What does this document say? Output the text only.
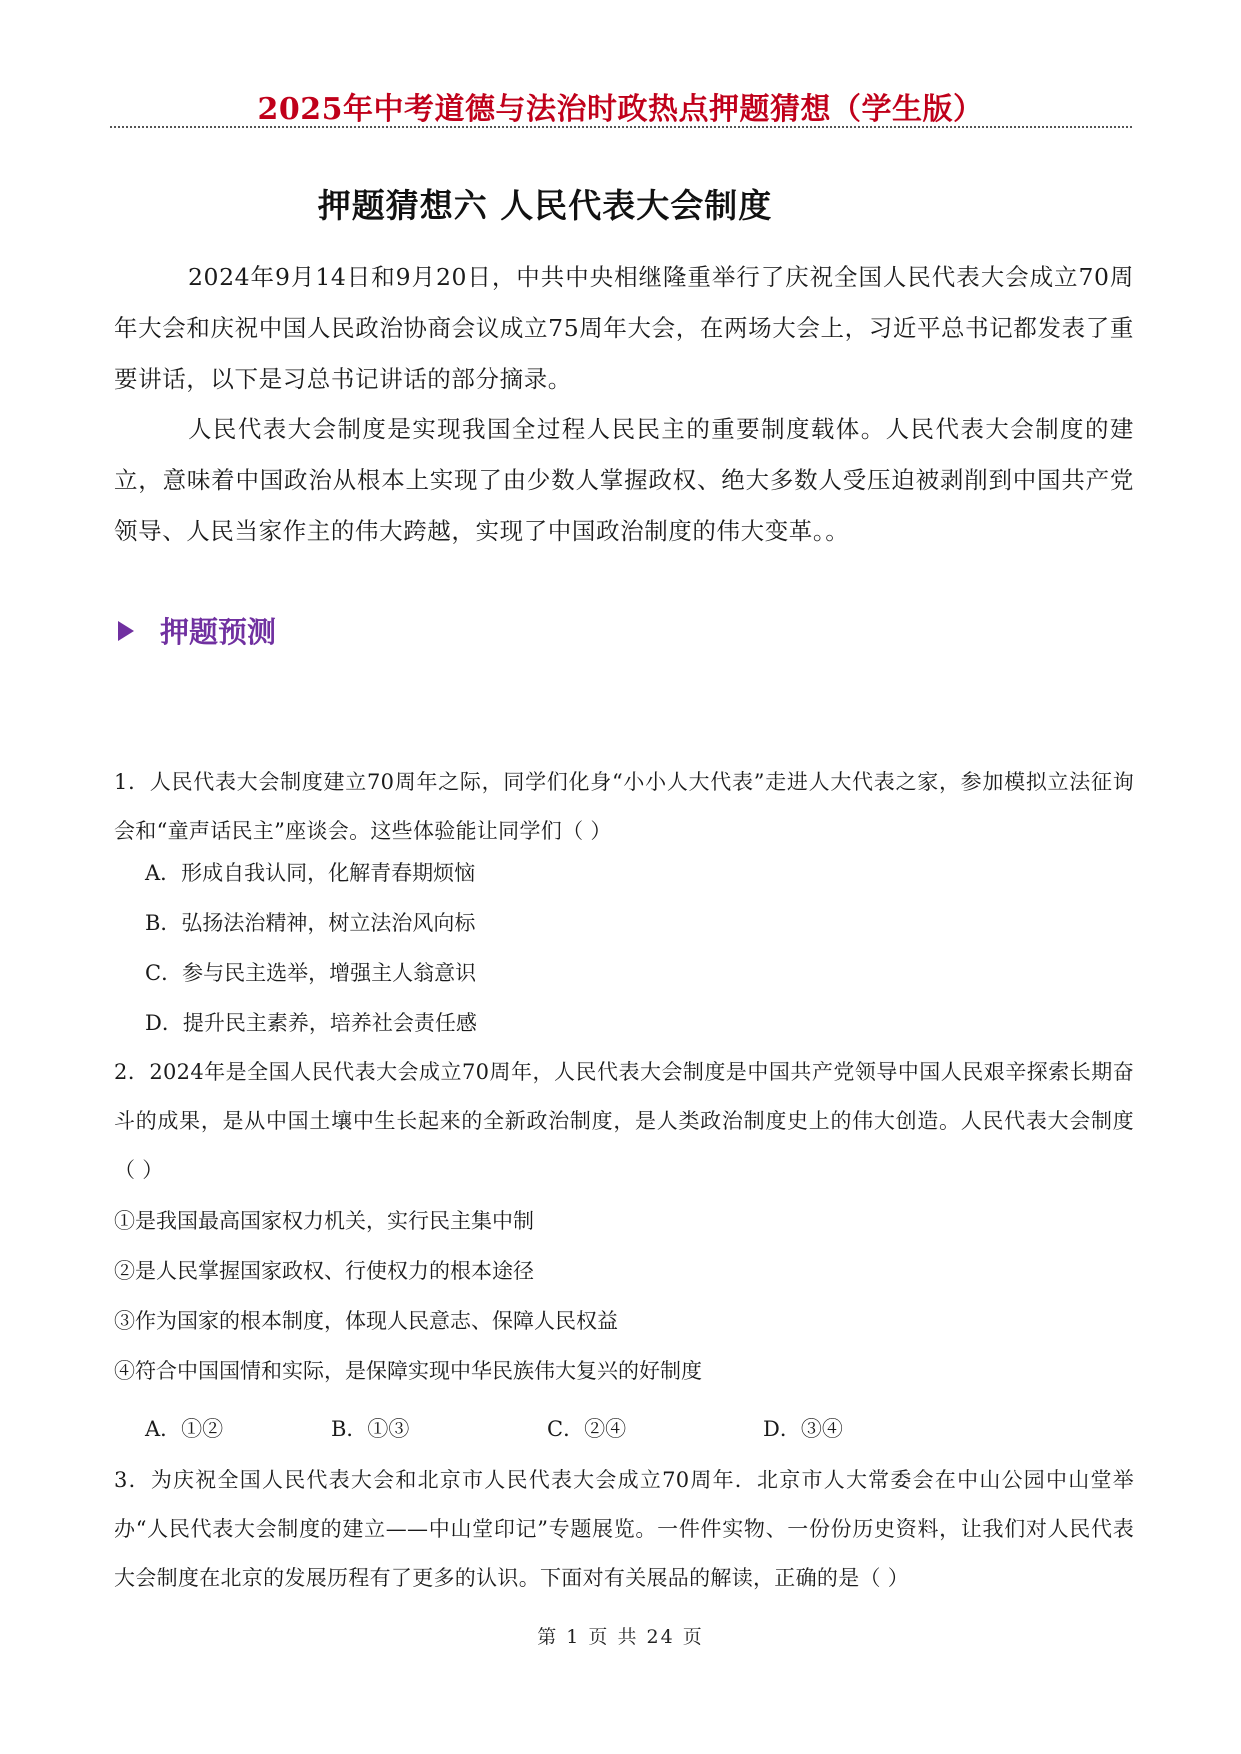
2025年中考道德与法治时政热点押题猜想（学生版）
押题猜想六 人民代表大会制度

2024年9月14日和9月20日，中共中央相继隆重举行了庆祝全国人民代表大会成立70周年大会和庆祝中国人民政治协商会议成立75周年大会，在两场大会上，习近平总书记都发表了重要讲话，以下是习总书记讲话的部分摘录。

人民代表大会制度是实现我国全过程人民民主的重要制度载体。人民代表大会制度的建立，意味着中国政治从根本上实现了由少数人掌握政权、绝大多数人受压迫被剥削到中国共产党领导、人民当家作主的伟大跨越，实现了中国政治制度的伟大变革。。

押题预测

1．人民代表大会制度建立70周年之际，同学们化身“小小人大代表”走进人大代表之家，参加模拟立法征询会和“童声话民主”座谈会。这些体验能让同学们（ ）

A．形成自我认同，化解青春期烦恼

B．弘扬法治精神，树立法治风向标

C．参与民主选举，增强主人翁意识

D．提升民主素养，培养社会责任感

2．2024年是全国人民代表大会成立70周年，人民代表大会制度是中国共产党领导中国人民艰辛探索长期奋斗的成果，是从中国土壤中生长起来的全新政治制度，是人类政治制度史上的伟大创造。人民代表大会制度（ ）

①是我国最高国家权力机关，实行民主集中制

②是人民掌握国家政权、行使权力的根本途径

③作为国家的根本制度，体现人民意志、保障人民权益

④符合中国国情和实际，是保障实现中华民族伟大复兴的好制度

A．①②	B．①③	C．②④	D．③④

3．为庆祝全国人民代表大会和北京市人民代表大会成立70周年．北京市人大常委会在中山公园中山堂举办“人民代表大会制度的建立——中山堂印记”专题展览。一件件实物、一份份历史资料，让我们对人民代表大会制度在北京的发展历程有了更多的认识。下面对有关展品的解读，正确的是（ ）

第 1 页 共 24 页
